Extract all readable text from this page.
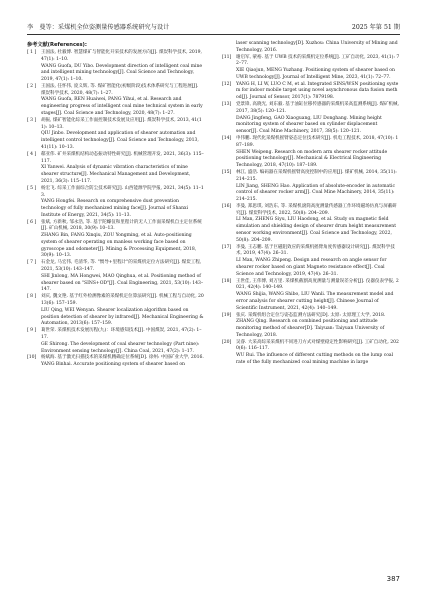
李　曼等：采煤机全位姿测量传感器系统研究与设计	2025 年第 51 期
参考文献(References):
[ 1 ]	王国法, 杜毅博. 智慧煤矿与智能化开采技术的发展方向[J]. 煤炭科学技术, 2019, 47(1): 1–10.
WANG Guofa, DU Yibo. Development direction of intelligent coal mine and intelligent mining technology[J]. Coal Science and Technology, 2019, 47(1): 1–10.
[ 2 ]	王国法, 任怀伟, 庞义辉, 等. 煤矿智能化(初级阶段)技术体系研究与工程进展[J]. 煤炭科学技术, 2020, 48(7): 1–27.
WANG Guofa, REN Huaiwei, PANG Yihui, et al. Research and engineering progress of intelligent coal mine technical system in early stages[J]. Coal Science and Technology, 2020, 48(7): 1–27.
[ 3 ]	胡振, 煤矿智能化综采工作面控制技术发展及应用[J]. 煤炭科学技术, 2013, 41(11): 10–13.
QIU Jinbo. Development and application of shearer automation and intelligent control technology[J]. Coal Science and Technology, 2013, 41(11): 10–13.
[ 4 ]	郗亚伟. 矿井采煤机结构动态振动特性研究[J]. 机械管理开发, 2021, 36(3): 115–117.
XI Yanwei. Analysis of dynamic vibration characteristics of mine shearer structure[J]. Mechanical Management and Development, 2021, 36(3): 115–117.
[ 5 ]	杨宏飞. 综采工作面综合防尘技术研究[J]. 山西能源学院学报, 2021, 34(5): 11–13.
YANG Hongfei. Research on comprehensive dust prevention technology of fully mechanized mining face[J]. Journal of Shanxi Institute of Energy, 2021, 34(5): 11–13.
[ 6 ]	张斌, 方新秋, 邹永浩, 等. 基于陀螺仪和里程计的无人工作面采煤机自主定位系统[J]. 矿山机械, 2018, 30(9): 10–13.
ZHANG Bin, FANG Xinqiu, ZOU Yongming, et al. Auto-positioning system of shearer operating on manless working face based on gyroscope and odometer[J]. Mining & Processing Equipment, 2018, 30(9): 10–13.
[ 7 ]	石金龙, 马宏伟, 毛清华, 等. "惯导+里程计"的采煤机定位方法研究[J]. 煤炭工程, 2021, 53(10): 143–147.
SHI Jinlong, MA Hongwei, MAO Qinghua, et al. Positioning method of shearer based on "SINS+OD"[J]. Coal Engineering, 2021, 53(10): 143–147.
[ 8 ]	刘庆, 魏文艳. 基于红外检测像素的采煤机定位算法研究[J]. 机械工程与自动化, 2013(6): 157–159.
LIU Qing, WEI Wenyan. Shearer localization algorithm based on position detection of shearer by infrared[J]. Mechanical Engineering & Automation, 2013(6): 157–159.
[ 9 ]	葛世荣. 采煤机技术发展历程(九)：环境感知技术[J]. 中国煤炭, 2021, 47(2): 1–17.
GE Shirong. The development of coal shearer technology (Part nine): Environment sensing technology[J]. China Coal, 2021, 47(2): 1–17.
[10]	杨斌海. 基于激光扫描技术的采煤机精确定位系统[D]. 徐州: 中国矿业大学, 2016.
YANG Binhai. Accurate positioning system of shearer based on
laser scanning technology[D]. Xuzhou: China University of Mining and Technology, 2016.
[11]	谢启军, 蒙裕. 基于 UWB 技术的采煤机定位系统[J]. 工矿自动化, 2023, 41(1): 72–77.
XIE Qiaojun, MENG Yuzhang. Positioning system of shearer based on UWB technology[J]. Journal of Intelligent Mine, 2023, 41(1): 72–77.
[12]	YANG H, LI W, LUO C M, et al. Integrated SINS/WSN positioning system for indoor mobile target using novel asynchronous data fusion method[J]. Journal of Sensor, 2017(1): 7879198.
[13]	党景锋, 高晓光, 刘东毅. 基于油缸位移传感器的采煤机采高监测系统[J]. 煤矿机械, 2017, 38(5): 120–121.
DANG Jingfeng, GAO Xiaoguang, LIU Donghang. Mining height monitoring system of shearer based on cylinder displacement sensor[J]. Coal Mine Machinery, 2017, 38(5): 120–121.
[14]	申伟鹏. 现代化采煤机摇臂姿态定位技术研究[J]. 机电工程技术, 2018, 47(10): 187–189.
SHEN Weipeng. Research on modern arm shearer rocker attitude positioning technology[J]. Mechanical & Electrical Engineering Technology, 2018, 47(10): 187–189.
[15]	林江, 盛浩. 编码器在采煤机摇臂高度控制中的应用[J]. 煤矿机械, 2014, 35(11): 214–215.
LIN Jiang, SHENG Hao. Application of absolute-encoder in automatic control of shearer rocker arm[J]. Coal Mine Machinery, 2014, 35(11): 214–215.
[16]	李曼, 郑思琪, 刘浩东, 等. 采煤机滚筒高度测量传感器工作环境磁场仿真与屏蔽研究[J]. 煤炭科学技术, 2022, 50(8): 204–209.
LI Man, ZHENG Siyu, LIU Haodong, et al. Study on magnetic field simulation and shielding design of shearer drum height measurement sensor working environment[J]. Coal Science and Technology, 2022, 50(8): 204–209.
[17]	李曼, 王志鹏. 基于巨磁阻效应的采煤机摇臂角度传感器设计研究[J]. 煤炭科学技术, 2019, 47(4): 26–31.
LI Man, WANG Zhipeng. Design and research on angle sensor for shearer rocker based on giant Magneto resistance effect[J]. Coal Science and Technology, 2019, 47(4): 26–31.
[18]	王世佳, 王伟博, 刘万里. 采煤机截割高度测量与测量误差分析[J]. 仪器仪表学报, 2021, 42(4): 140–149.
WANG Shijia, WANG Shibo, LIU Wanli. The measurement model and error analysis for shearer cutting height[J]. Chinese Journal of Scientific Instrument, 2021, 42(4): 140–149.
[19]	张庆. 采煤机组合定位与姿态监测方法研究[D]. 太原: 太原理工大学, 2018.
ZHANG Qing. Research on combined positioning and attitude monitoring method of shearer[D]. Taiyuan: Taiyuan University of Technology, 2018.
[20]	吴睿. 大采高综采采煤机不同进刀方式对煤壁稳定性影响研究[J]. 工矿自动化, 2020(6): 116–117.
WU Rui. The influence of different cutting methods on the lump coal rate of the fully mechanized coal mining machine in large
387
